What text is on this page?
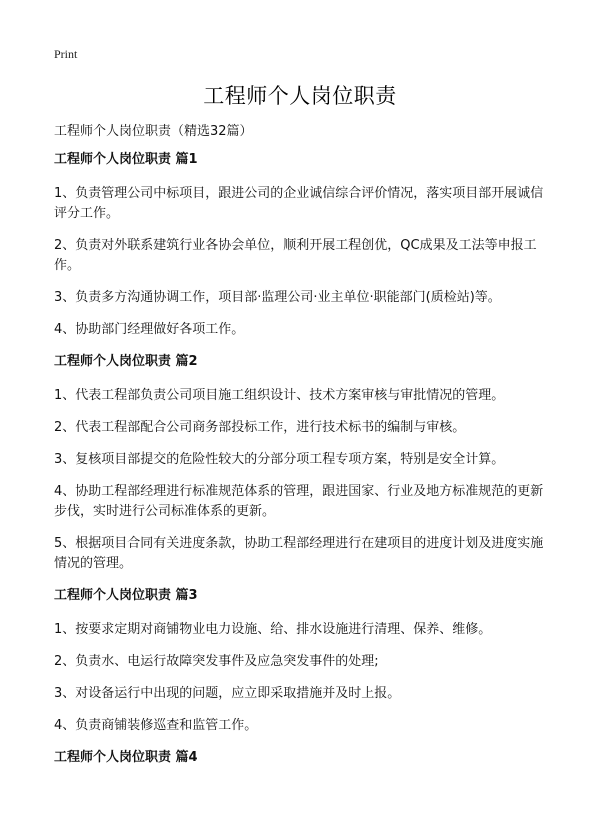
Print
工程师个人岗位职责
工程师个人岗位职责（精选32篇）
工程师个人岗位职责 篇1

1、负责管理公司中标项目，跟进公司的企业诚信综合评价情况，落实项目部开展诚信评分工作。

2、负责对外联系建筑行业各协会单位，顺利开展工程创优，QC成果及工法等申报工作。

3、负责多方沟通协调工作，项目部·监理公司·业主单位·职能部门(质检站)等。

4、协助部门经理做好各项工作。

工程师个人岗位职责 篇2

1、代表工程部负责公司项目施工组织设计、技术方案审核与审批情况的管理。

2、代表工程部配合公司商务部投标工作，进行技术标书的编制与审核。

3、复核项目部提交的危险性较大的分部分项工程专项方案，特别是安全计算。

4、协助工程部经理进行标准规范体系的管理，跟进国家、行业及地方标准规范的更新步伐，实时进行公司标准体系的更新。

5、根据项目合同有关进度条款，协助工程部经理进行在建项目的进度计划及进度实施情况的管理。

工程师个人岗位职责 篇3

1、按要求定期对商铺物业电力设施、给、排水设施进行清理、保养、维修。

2、负责水、电运行故障突发事件及应急突发事件的处理;

3、对设备运行中出现的问题，应立即采取措施并及时上报。

4、负责商铺装修巡查和监管工作。

工程师个人岗位职责 篇4
